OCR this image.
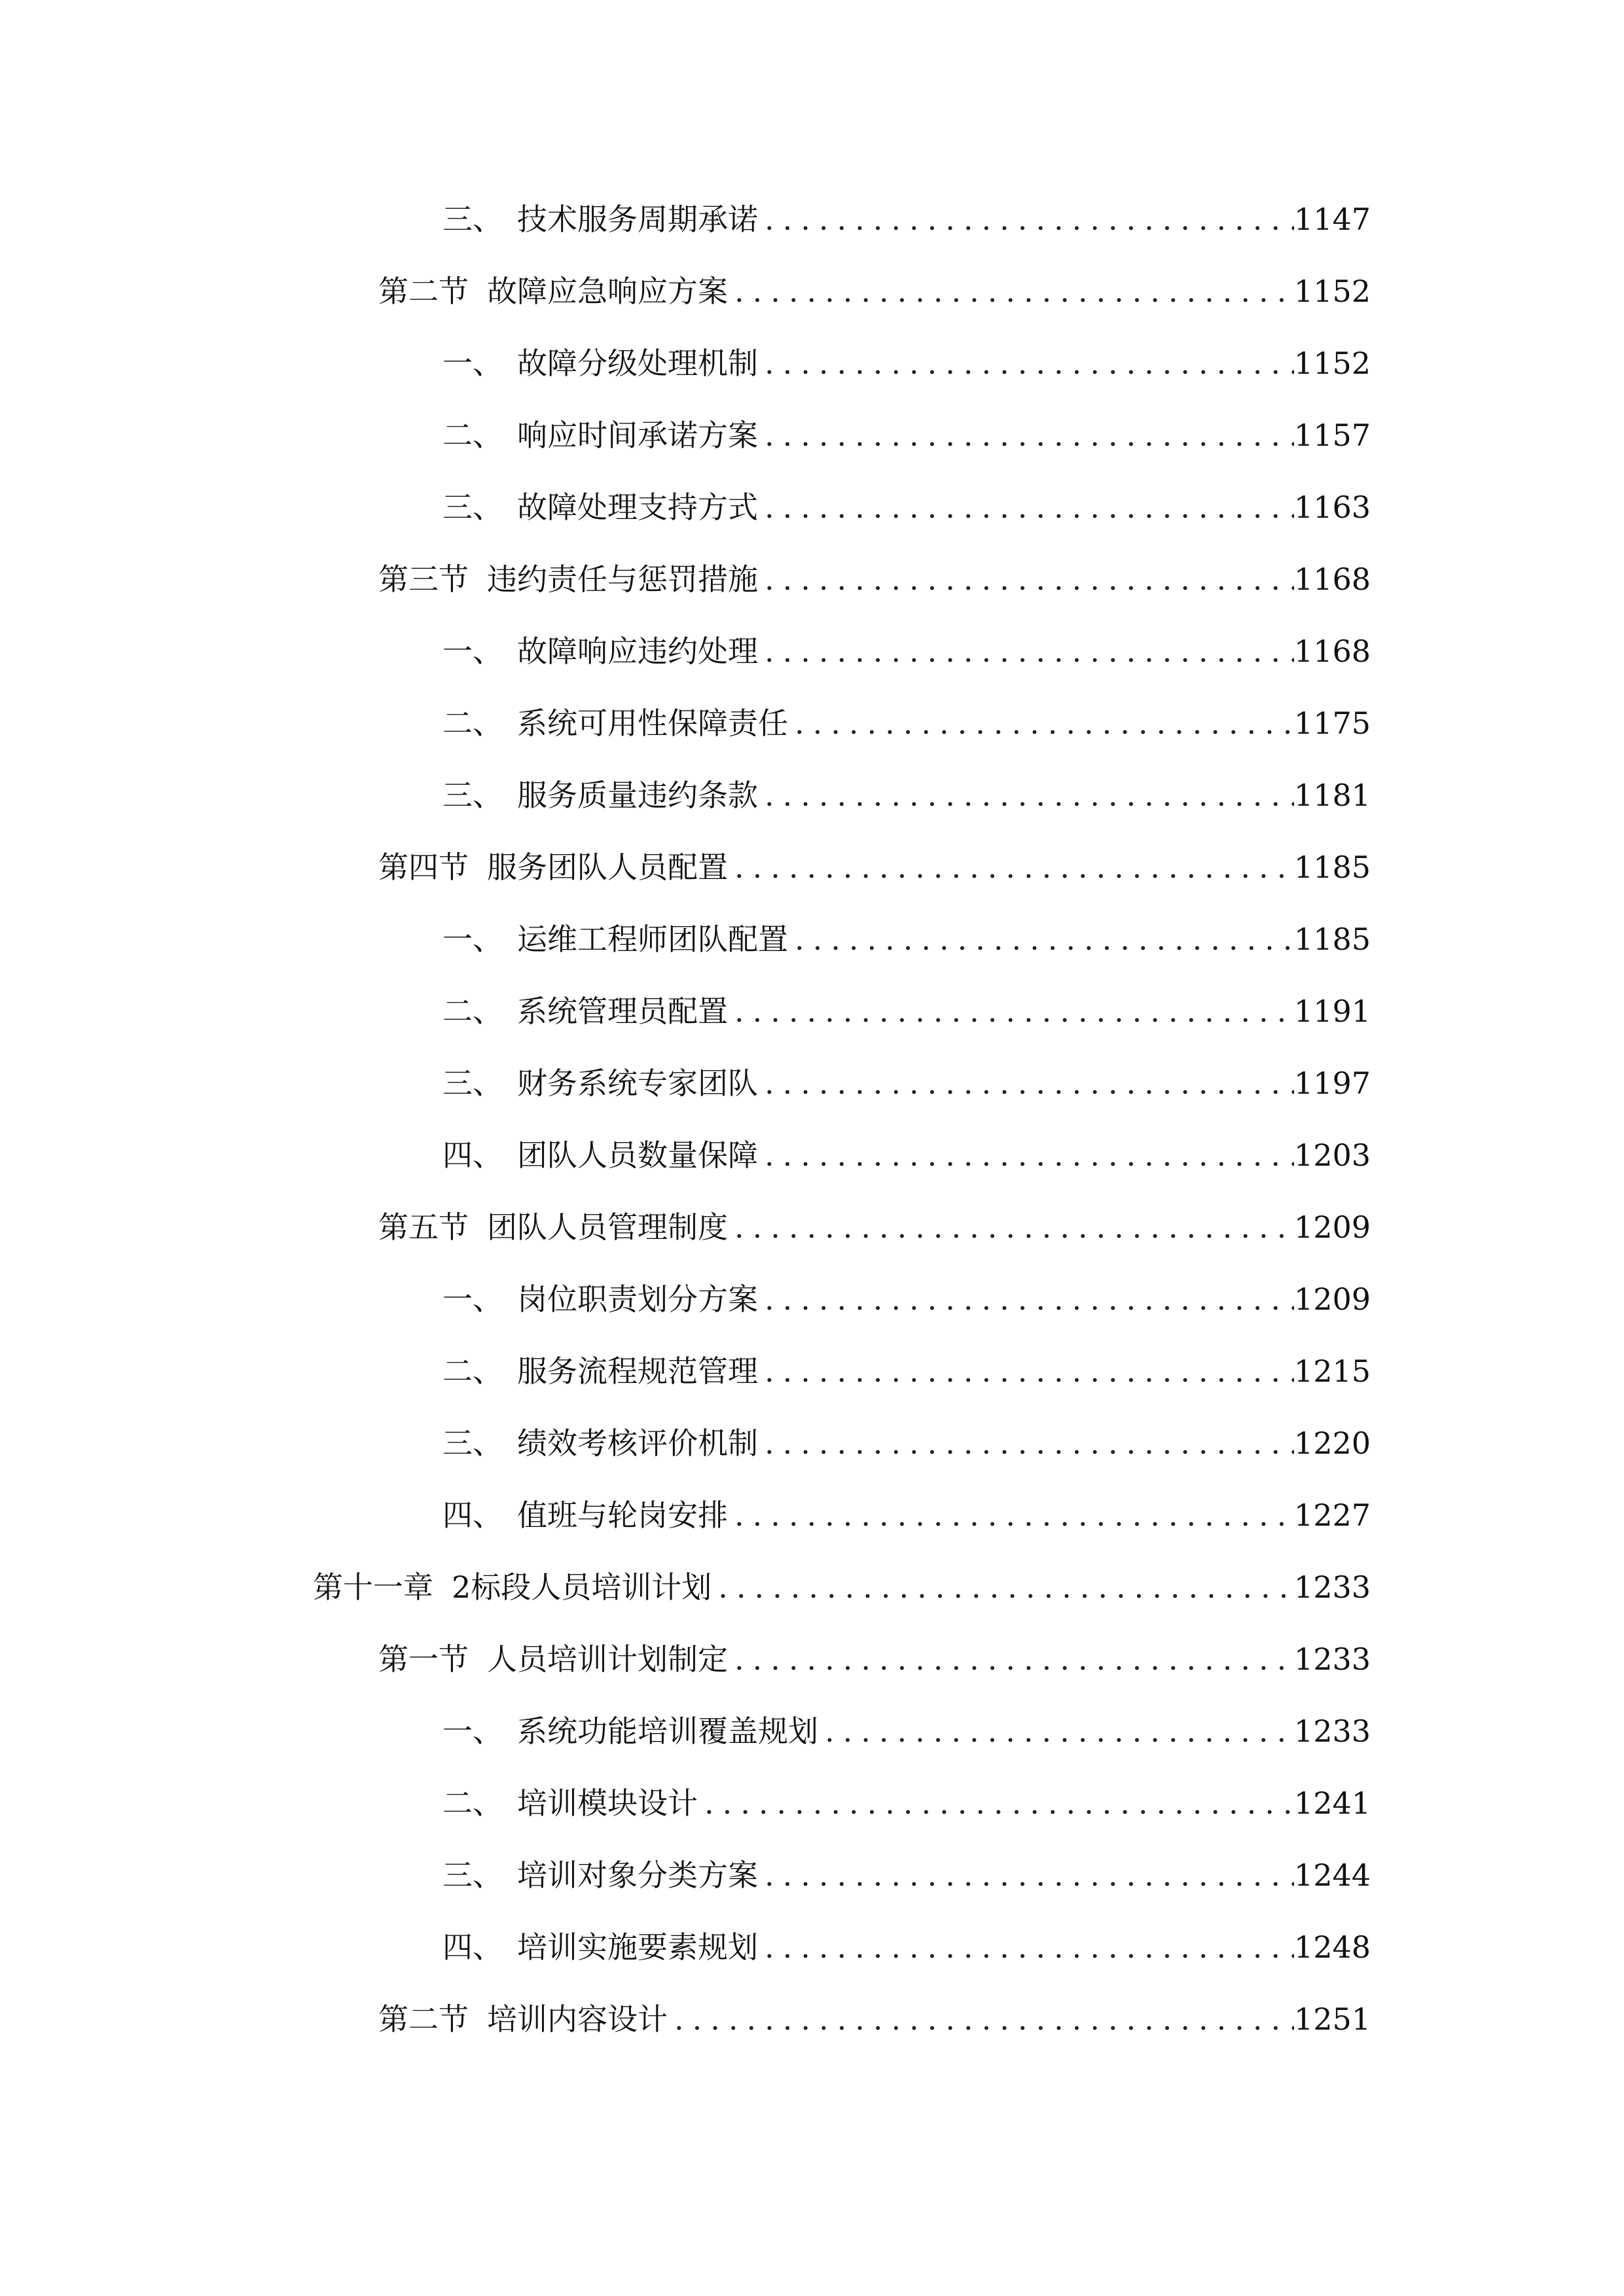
三、 技术服务周期承诺 .....	1147
第二节 故障应急响应方案 .....	1152
一、 故障分级处理机制 .....	1152
二、 响应时间承诺方案 .....	1157
三、 故障处理支持方式 .....	1163
第三节 违约责任与惩罚措施 .....	1168
一、 故障响应违约处理 .....	1168
二、 系统可用性保障责任 .....	1175
三、 服务质量违约条款 .....	1181
第四节 服务团队人员配置 .....	1185
一、 运维工程师团队配置 .....	1185
二、 系统管理员配置 .....	1191
三、 财务系统专家团队 .....	1197
四、 团队人员数量保障 .....	1203
第五节 团队人员管理制度 .....	1209
一、 岗位职责划分方案 .....	1209
二、 服务流程规范管理 .....	1215
三、 绩效考核评价机制 .....	1220
四、 值班与轮岗安排 .....	1227
第十一章 2标段人员培训计划 .....	1233
第一节 人员培训计划制定 .....	1233
一、 系统功能培训覆盖规划 .....	1233
二、 培训模块设计 .....	1241
三、 培训对象分类方案 .....	1244
四、 培训实施要素规划 .....	1248
第二节 培训内容设计 .....	1251
